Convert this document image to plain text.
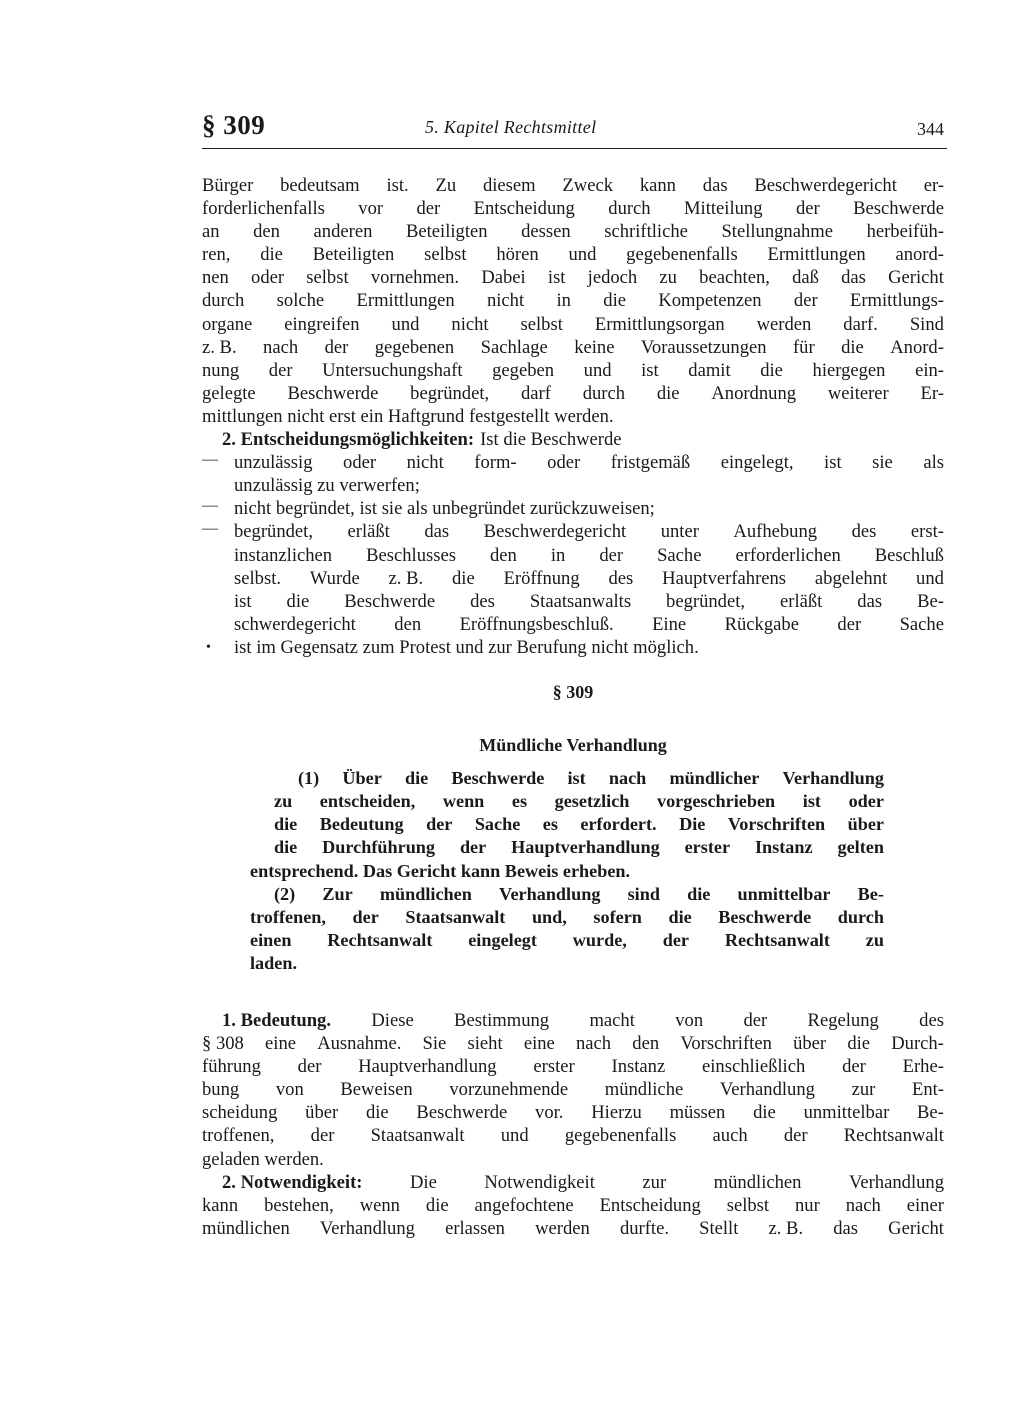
§ 309	5. Kapitel Rechtsmittel	344
Bürger bedeutsam ist. Zu diesem Zweck kann das Beschwerdegericht er-
forderlichenfalls vor der Entscheidung durch Mitteilung der Beschwerde
an den anderen Beteiligten dessen schriftliche Stellungnahme herbeifüh-
ren, die Beteiligten selbst hören und gegebenenfalls Ermittlungen anord-
nen oder selbst vornehmen. Dabei ist jedoch zu beachten, daß das Gericht
durch solche Ermittlungen nicht in die Kompetenzen der Ermittlungs-
organe eingreifen und nicht selbst Ermittlungsorgan werden darf. Sind
z. B. nach der gegebenen Sachlage keine Voraussetzungen für die Anord-
nung der Untersuchungshaft gegeben und ist damit die hiergegen ein-
gelegte Beschwerde begründet, darf durch die Anordnung weiterer Er-
mittlungen nicht erst ein Haftgrund festgestellt werden.
2. Entscheidungsmöglichkeiten: Ist die Beschwerde
— unzulässig oder nicht form- oder fristgemäß eingelegt, ist sie als
unzulässig zu verwerfen;
— nicht begründet, ist sie als unbegründet zurückzuweisen;
— begründet, erläßt das Beschwerdegericht unter Aufhebung des erst-
instanzlichen Beschlusses den in der Sache erforderlichen Beschluß
selbst. Wurde z. B. die Eröffnung des Hauptverfahrens abgelehnt und
ist die Beschwerde des Staatsanwalts begründet, erläßt das Be-
schwerdegericht den Eröffnungsbeschluß. Eine Rückgabe der Sache
• ist im Gegensatz zum Protest und zur Berufung nicht möglich.
§ 309
Mündliche Verhandlung
(1) Über die Beschwerde ist nach mündlicher Verhandlung
zu entscheiden, wenn es gesetzlich vorgeschrieben ist oder
die Bedeutung der Sache es erfordert. Die Vorschriften über
die Durchführung der Hauptverhandlung erster Instanz gelten
entsprechend. Das Gericht kann Beweis erheben.
(2) Zur mündlichen Verhandlung sind die unmittelbar Be-
troffenen, der Staatsanwalt und, sofern die Beschwerde durch
einen Rechtsanwalt eingelegt wurde, der Rechtsanwalt zu
laden.
1. Bedeutung. Diese Bestimmung macht von der Regelung des
§ 308 eine Ausnahme. Sie sieht eine nach den Vorschriften über die Durch-
führung der Hauptverhandlung erster Instanz einschließlich der Erhe-
bung von Beweisen vorzunehmende mündliche Verhandlung zur Ent-
scheidung über die Beschwerde vor. Hierzu müssen die unmittelbar Be-
troffenen, der Staatsanwalt und gegebenenfalls auch der Rechtsanwalt
geladen werden.
2. Notwendigkeit:	Die	Notwendigkeit	zur	mündlichen	Verhandlung
kann bestehen, wenn die angefochtene Entscheidung selbst nur nach einer
mündlichen Verhandlung erlassen werden durfte. Stellt z. B. das Gericht
